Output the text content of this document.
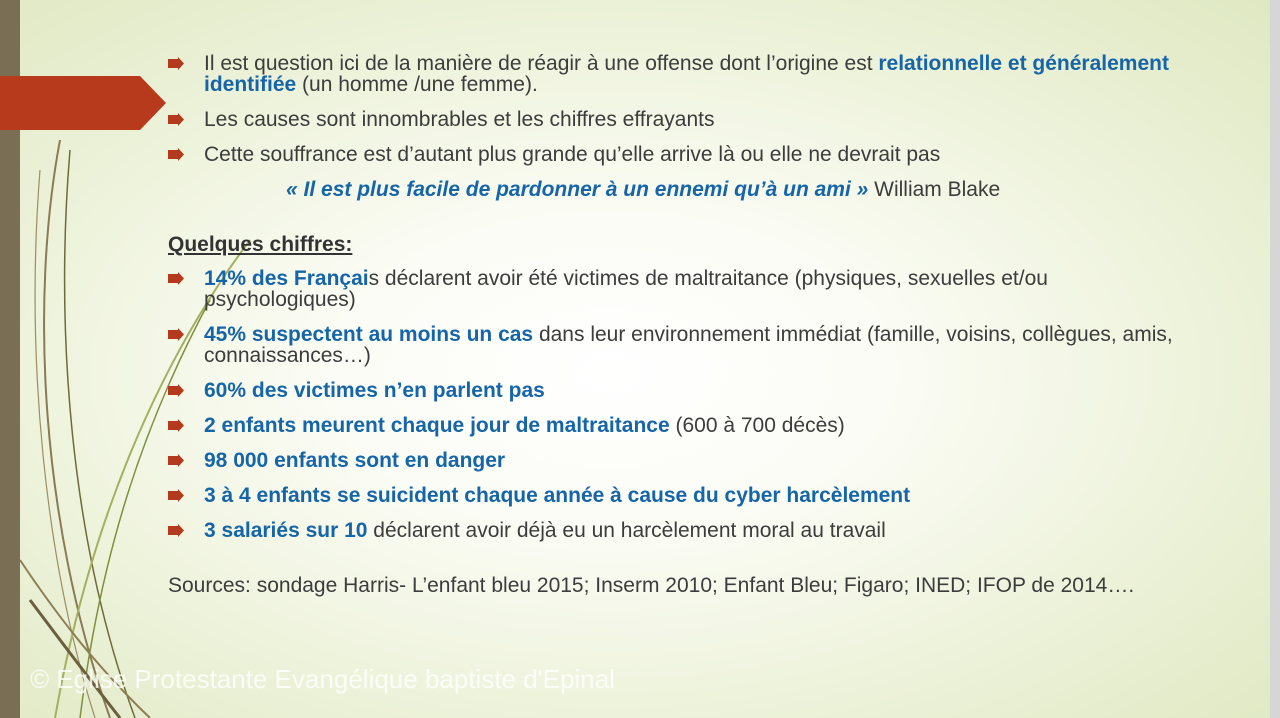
Il est question ici de la manière de réagir à une offense dont l’origine est relationnelle et généralement identifiée (un homme /une femme).
Les causes sont innombrables et les chiffres effrayants
Cette souffrance est d’autant plus grande qu’elle arrive là ou elle ne devrait pas
« Il est plus facile de pardonner à un ennemi qu’à un ami » William Blake
Quelques chiffres:
14% des Français déclarent avoir été victimes de maltraitance (physiques, sexuelles et/ou psychologiques)
45% suspectent au moins un cas dans leur environnement immédiat (famille, voisins, collègues, amis, connaissances…)
60% des victimes n’en parlent pas
2 enfants meurent chaque jour de maltraitance (600 à 700 décès)
98 000 enfants sont en danger
3 à 4 enfants se suicident chaque année à cause du cyber harcèlement
3 salariés sur 10 déclarent avoir déjà eu un harcèlement moral au travail
Sources: sondage Harris- L’enfant bleu 2015; Inserm 2010; Enfant Bleu; Figaro; INED; IFOP de 2014….
© Eglise Protestante Evangélique baptiste d'Epinal
